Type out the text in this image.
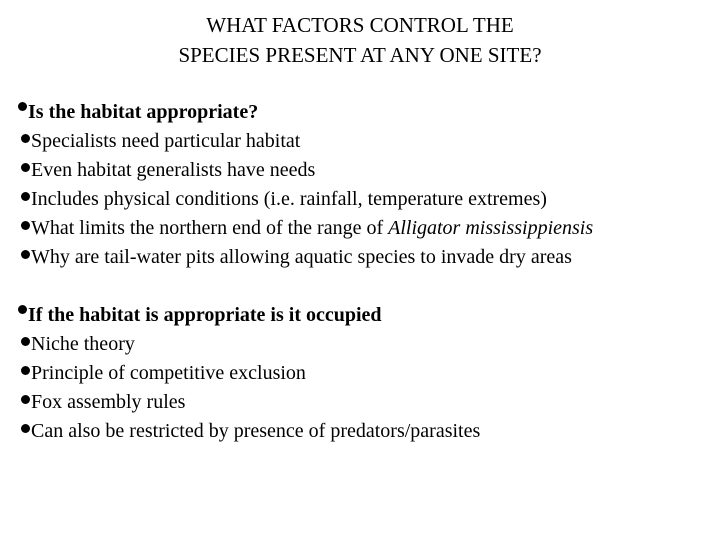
WHAT FACTORS CONTROL THE
SPECIES PRESENT AT ANY ONE SITE?
Is the habitat appropriate?
Specialists need particular habitat
Even habitat generalists have needs
Includes physical conditions (i.e. rainfall, temperature extremes)
What limits the northern end of the range of Alligator mississippiensis
Why are tail-water pits allowing aquatic species to invade dry areas
If the habitat is appropriate is it occupied
Niche theory
Principle of competitive exclusion
Fox assembly rules
Can also be restricted by presence of predators/parasites
